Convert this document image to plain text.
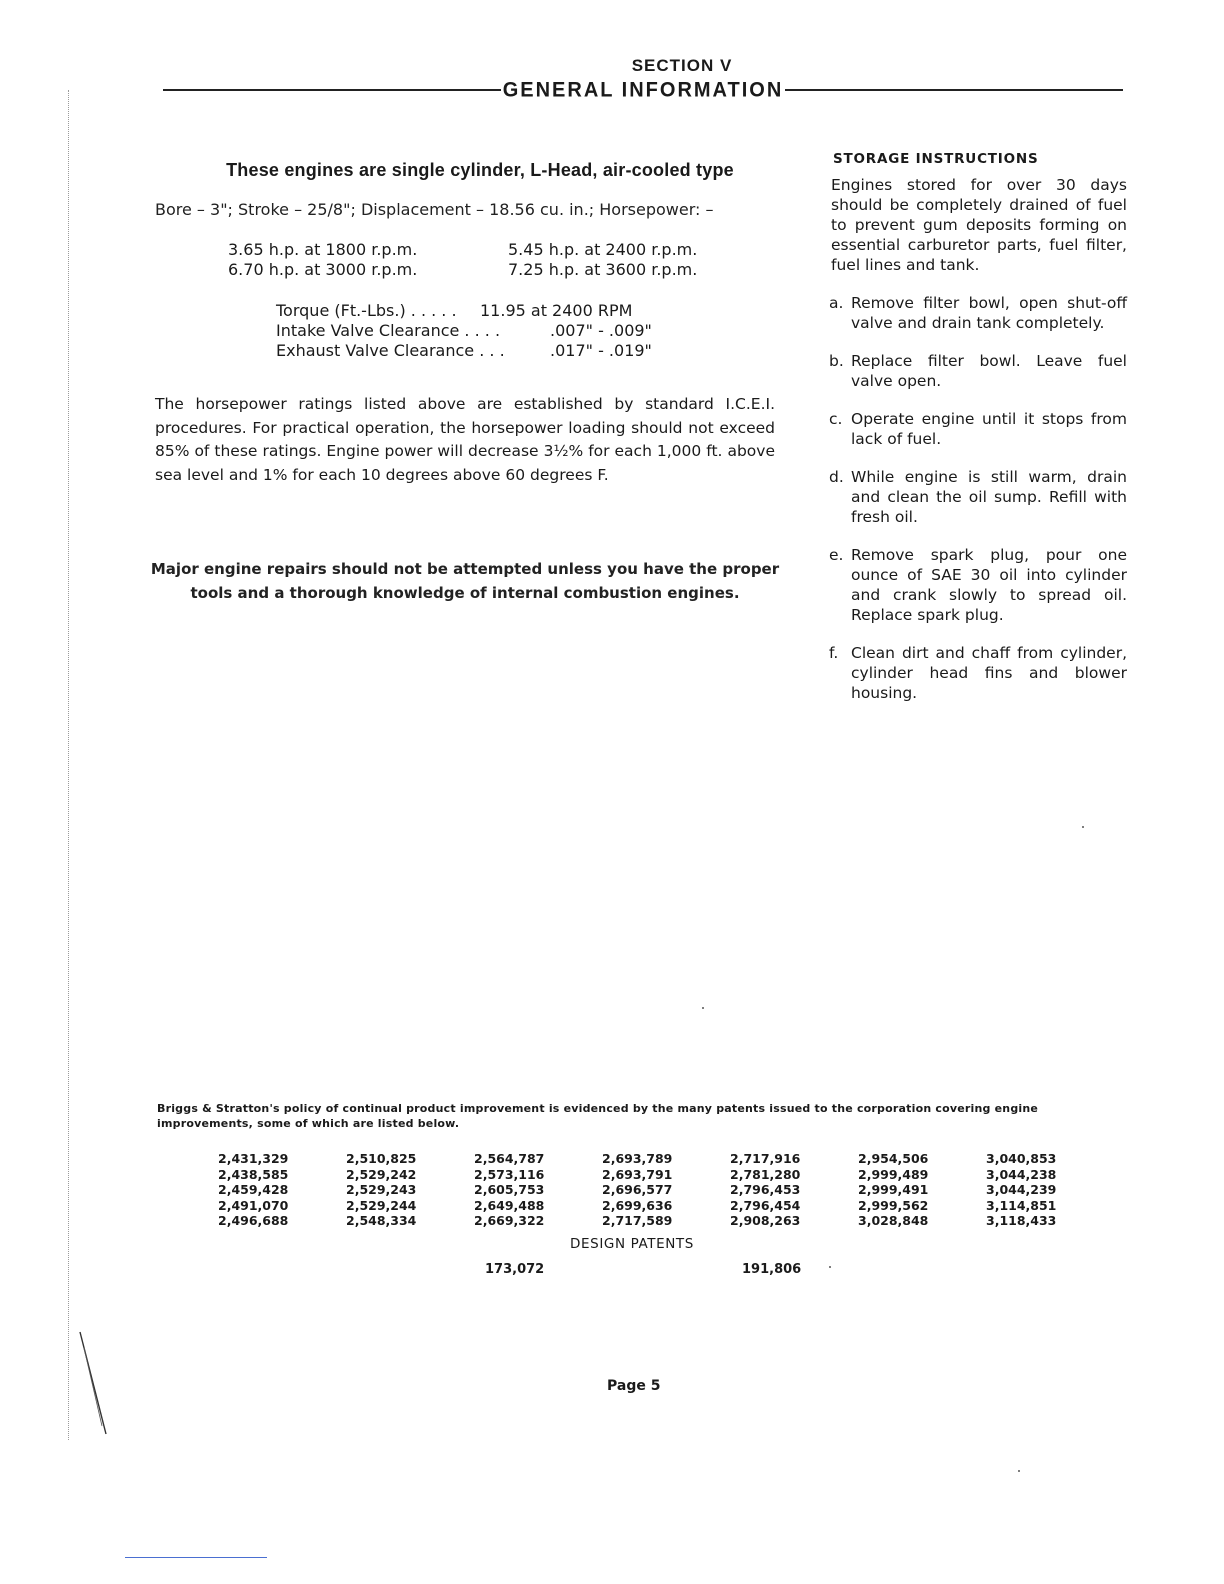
SECTION V
GENERAL INFORMATION
These engines are single cylinder, L-Head, air-cooled type
Bore – 3"; Stroke – 25/8"; Displacement – 18.56 cu. in.; Horsepower: –
3.65 h.p. at 1800 r.p.m.	5.45 h.p. at 2400 r.p.m.
6.70 h.p. at 3000 r.p.m.	7.25 h.p. at 3600 r.p.m.
Torque (Ft.-Lbs.) . . . . .	11.95 at 2400 RPM
Intake Valve Clearance . . . .	.007" - .009"
Exhaust Valve Clearance . . .	.017" - .019"
The horsepower ratings listed above are established by standard I.C.E.I. procedures. For practical operation, the horsepower loading should not exceed 85% of these ratings. Engine power will decrease 3½% for each 1,000 ft. above sea level and 1% for each 10 degrees above 60 degrees F.
Major engine repairs should not be attempted unless you have the proper
tools and a thorough knowledge of internal combustion engines.
STORAGE INSTRUCTIONS
Engines stored for over 30 days should be completely drained of fuel to prevent gum deposits forming on essential carburetor parts, fuel filter, fuel lines and tank.
a. Remove filter bowl, open shut-off valve and drain tank completely.
b. Replace filter bowl. Leave fuel valve open.
c. Operate engine until it stops from lack of fuel.
d. While engine is still warm, drain and clean the oil sump. Refill with fresh oil.
e. Remove spark plug, pour one ounce of SAE 30 oil into cylinder and crank slowly to spread oil. Replace spark plug.
f. Clean dirt and chaff from cylinder, cylinder head fins and blower housing.
Briggs & Stratton's policy of continual product improvement is evidenced by the many patents issued to the corporation covering engine improvements, some of which are listed below.
2,431,329	2,510,825	2,564,787	2,693,789	2,717,916	2,954,506	3,040,853
2,438,585	2,529,242	2,573,116	2,693,791	2,781,280	2,999,489	3,044,238
2,459,428	2,529,243	2,605,753	2,696,577	2,796,453	2,999,491	3,044,239
2,491,070	2,529,244	2,649,488	2,699,636	2,796,454	2,999,562	3,114,851
2,496,688	2,548,334	2,669,322	2,717,589	2,908,263	3,028,848	3,118,433
DESIGN PATENTS
173,072	191,806
Page 5
